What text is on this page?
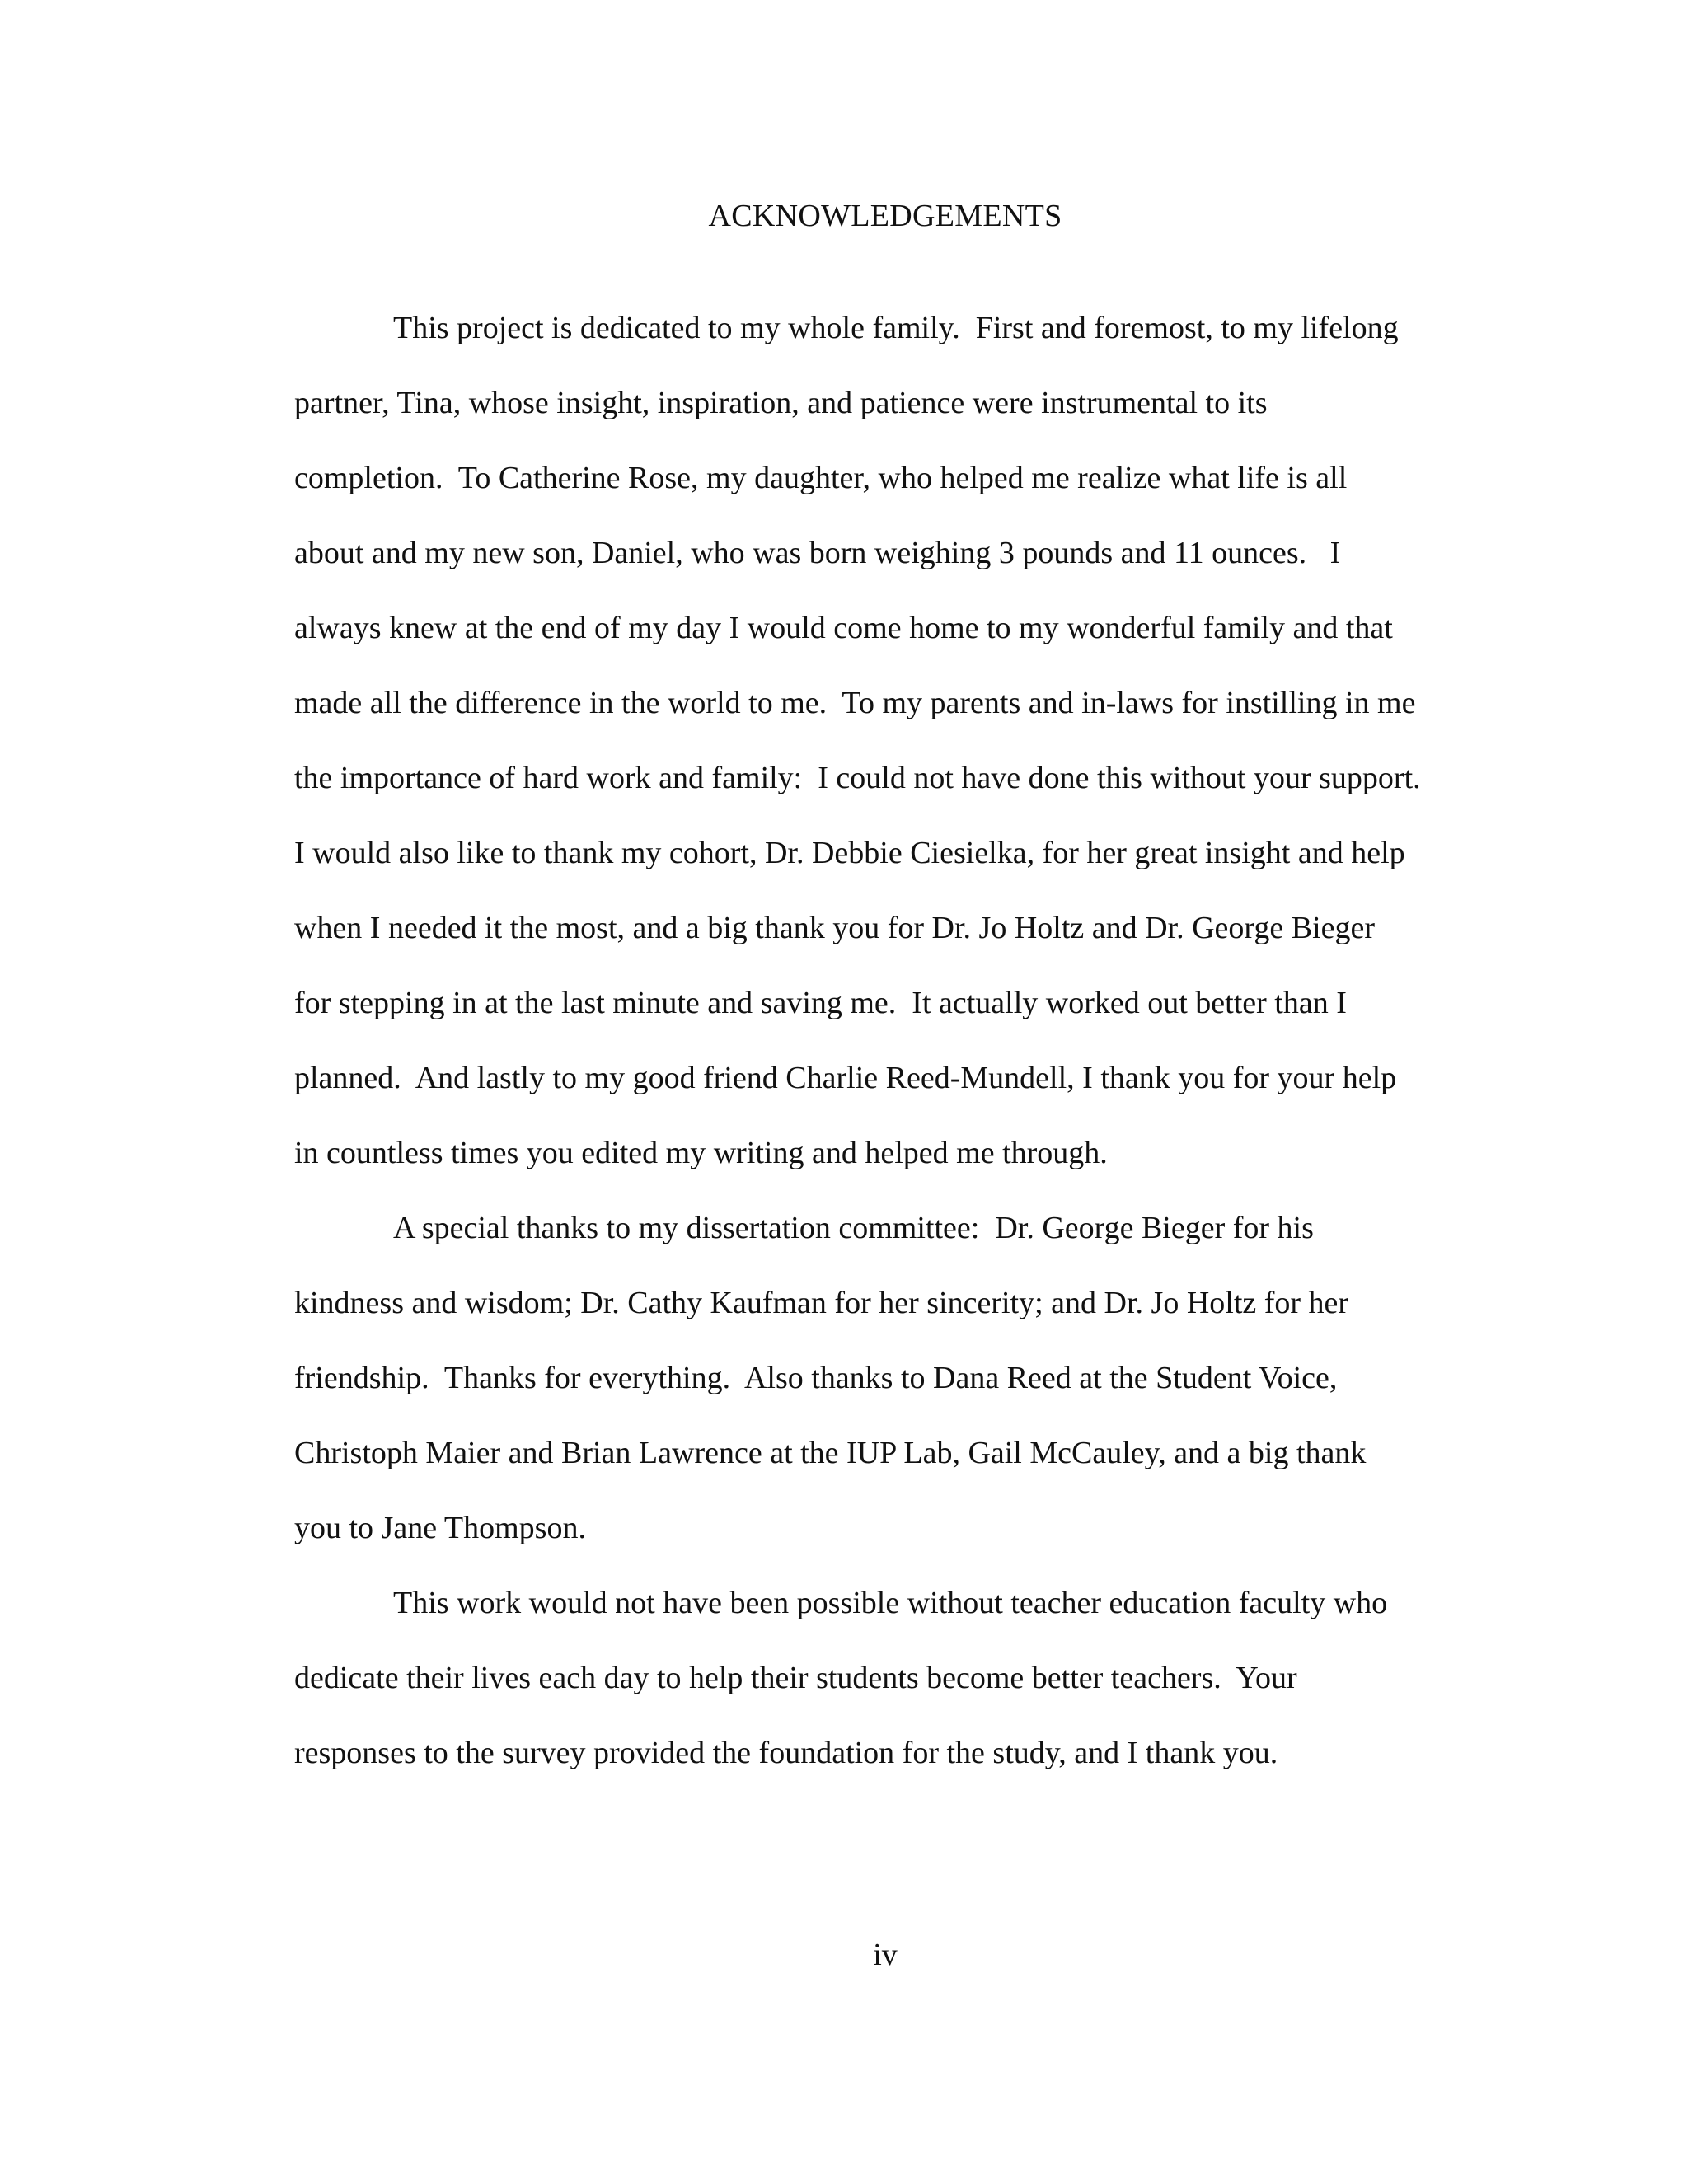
ACKNOWLEDGEMENTS
This project is dedicated to my whole family.  First and foremost, to my lifelong
partner, Tina, whose insight, inspiration, and patience were instrumental to its
completion.  To Catherine Rose, my daughter, who helped me realize what life is all
about and my new son, Daniel, who was born weighing 3 pounds and 11 ounces.   I
always knew at the end of my day I would come home to my wonderful family and that
made all the difference in the world to me.  To my parents and in-laws for instilling in me
the importance of hard work and family:  I could not have done this without your support.
I would also like to thank my cohort, Dr. Debbie Ciesielka, for her great insight and help
when I needed it the most, and a big thank you for Dr. Jo Holtz and Dr. George Bieger
for stepping in at the last minute and saving me.  It actually worked out better than I
planned.  And lastly to my good friend Charlie Reed-Mundell, I thank you for your help
in countless times you edited my writing and helped me through.
A special thanks to my dissertation committee:  Dr. George Bieger for his
kindness and wisdom; Dr. Cathy Kaufman for her sincerity; and Dr. Jo Holtz for her
friendship.  Thanks for everything.  Also thanks to Dana Reed at the Student Voice,
Christoph Maier and Brian Lawrence at the IUP Lab, Gail McCauley, and a big thank
you to Jane Thompson.
This work would not have been possible without teacher education faculty who
dedicate their lives each day to help their students become better teachers.  Your
responses to the survey provided the foundation for the study, and I thank you.
iv
